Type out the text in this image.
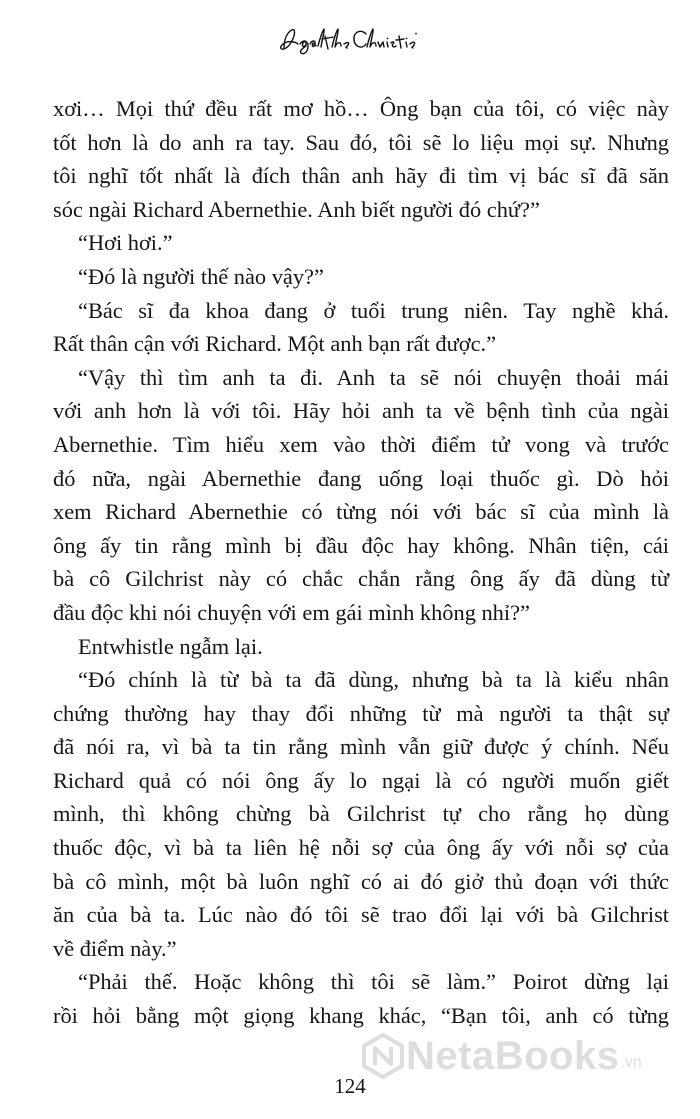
xơi… Mọi thứ đều rất mơ hồ… Ông bạn của tôi, có việc này
tốt hơn là do anh ra tay. Sau đó, tôi sẽ lo liệu mọi sự. Nhưng
tôi nghĩ tốt nhất là đích thân anh hãy đi tìm vị bác sĩ đã săn
sóc ngài Richard Abernethie. Anh biết người đó chứ?”
“Hơi hơi.”
“Đó là người thế nào vậy?”
“Bác sĩ đa khoa đang ở tuổi trung niên. Tay nghề khá.
Rất thân cận với Richard. Một anh bạn rất được.”
“Vậy thì tìm anh ta đi. Anh ta sẽ nói chuyện thoải mái
với anh hơn là với tôi. Hãy hỏi anh ta về bệnh tình của ngài
Abernethie. Tìm hiểu xem vào thời điểm tử vong và trước
đó nữa, ngài Abernethie đang uống loại thuốc gì. Dò hỏi
xem Richard Abernethie có từng nói với bác sĩ của mình là
ông ấy tin rằng mình bị đầu độc hay không. Nhân tiện, cái
bà cô Gilchrist này có chắc chắn rằng ông ấy đã dùng từ
đầu độc khi nói chuyện với em gái mình không nhỉ?”
Entwhistle ngẫm lại.
“Đó chính là từ bà ta đã dùng, nhưng bà ta là kiểu nhân
chứng thường hay thay đổi những từ mà người ta thật sự
đã nói ra, vì bà ta tin rằng mình vẫn giữ được ý chính. Nếu
Richard quả có nói ông ấy lo ngại là có người muốn giết
mình, thì không chừng bà Gilchrist tự cho rằng họ dùng
thuốc độc, vì bà ta liên hệ nỗi sợ của ông ấy với nỗi sợ của
bà cô mình, một bà luôn nghĩ có ai đó giở thủ đoạn với thức
ăn của bà ta. Lúc nào đó tôi sẽ trao đổi lại với bà Gilchrist
về điểm này.”
“Phải thế. Hoặc không thì tôi sẽ làm.” Poirot dừng lại
rồi hỏi bằng một giọng khang khác, “Bạn tôi, anh có từng
124
NetaBooks .vn
